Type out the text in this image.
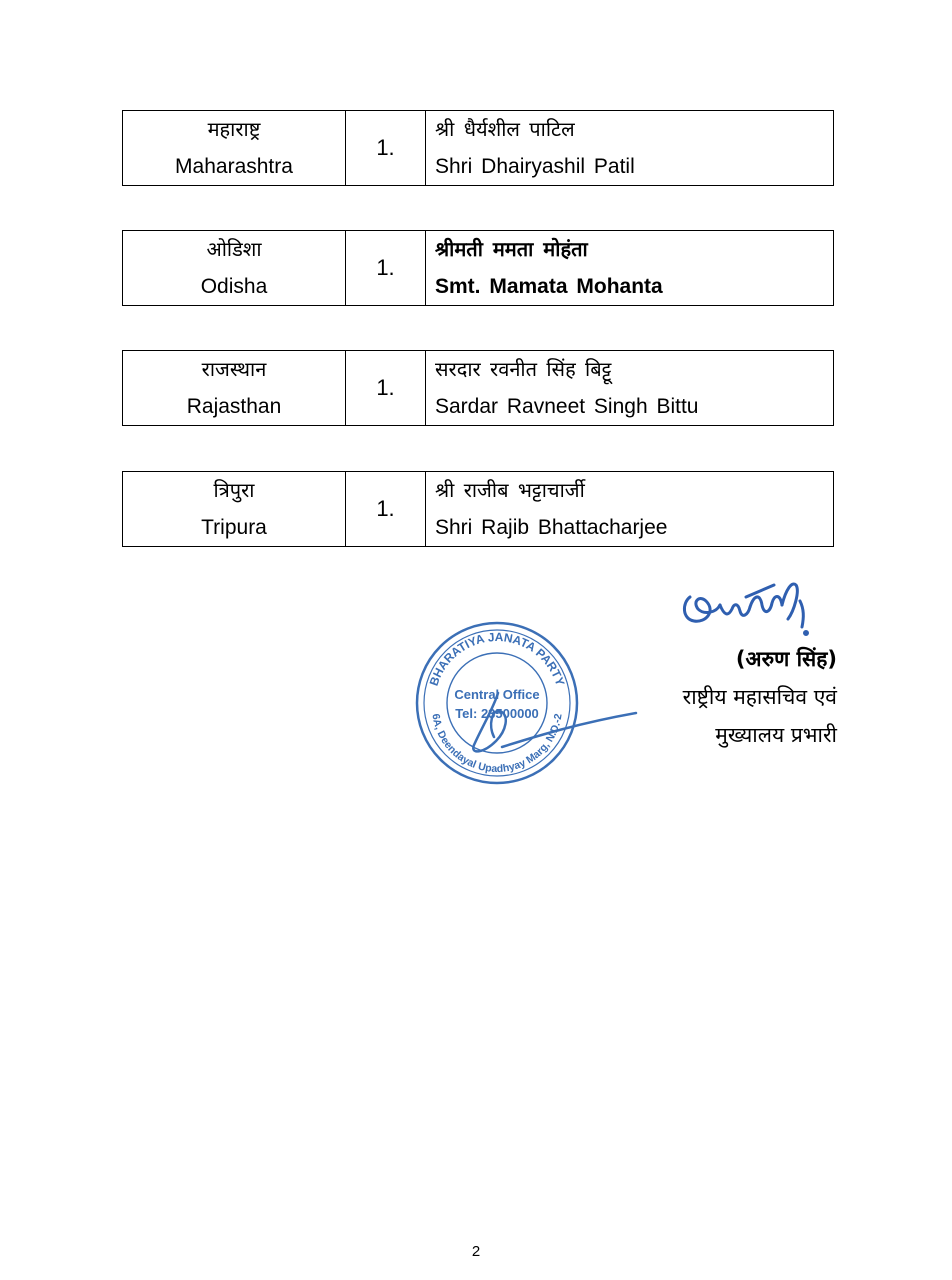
महाराष्ट्र
Maharashtra
1.
श्री धैर्यशील पाटिल
Shri Dhairyashil Patil
ओडिशा
Odisha
1.
श्रीमती ममता मोहंता
Smt. Mamata Mohanta
राजस्थान
Rajasthan
1.
सरदार रवनीत सिंह बिट्टू
Sardar Ravneet Singh Bittu
त्रिपुरा
Tripura
1.
श्री राजीब भट्टाचार्जी
Shri Rajib Bhattacharjee
BHARATIYA JANATA PARTY
6A, Deendayal Upadhyay Marg, N.D.-2
Central Office
Tel: 23500000
(अरुण सिंह)
राष्ट्रीय महासचिव एवं
मुख्यालय प्रभारी
2
